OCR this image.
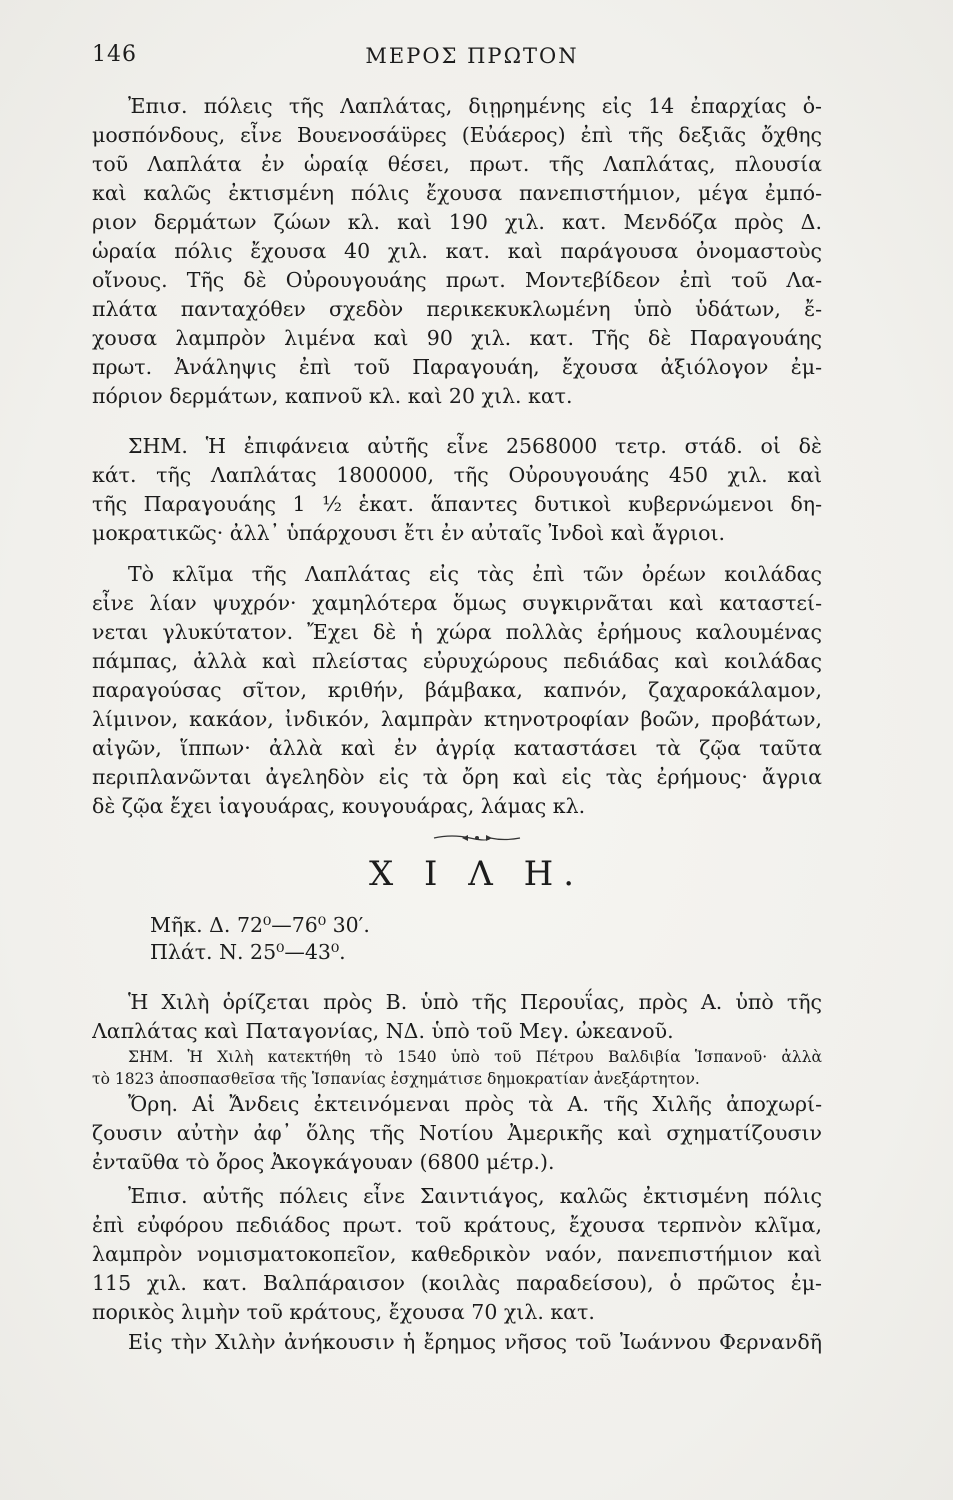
146	ΜΕΡΟΣ ΠΡΩΤΟΝ
Ἐπισ. πόλεις τῆς Λαπλάτας, διῃρημένης εἰς 14 ἐπαρχίας ὁ-
μοσπόνδους, εἶνε Βουενοσάϋρες (Εὐάερος) ἐπὶ τῆς δεξιᾶς ὄχθης
τοῦ Λαπλάτα ἐν ὡραίᾳ θέσει, πρωτ. τῆς Λαπλάτας, πλουσία
καὶ καλῶς ἐκτισμένη πόλις ἔχουσα πανεπιστήμιον, μέγα ἐμπό-
ριον δερμάτων ζώων κλ. καὶ 190 χιλ. κατ. Μενδόζα πρὸς Δ.
ὡραία πόλις ἔχουσα 40 χιλ. κατ. καὶ παράγουσα ὀνομαστοὺς
οἴνους. Τῆς δὲ Οὐρουγουάης πρωτ. Μοντεβίδεον ἐπὶ τοῦ Λα-
πλάτα πανταχόθεν σχεδὸν περικεκυκλωμένη ὑπὸ ὑδάτων, ἔ-
χουσα λαμπρὸν λιμένα καὶ 90 χιλ. κατ. Τῆς δὲ Παραγουάης
πρωτ. Ἀνάληψις ἐπὶ τοῦ Παραγουάη, ἔχουσα ἀξιόλογον ἐμ-
πόριον δερμάτων, καπνοῦ κλ. καὶ 20 χιλ. κατ.
ΣΗΜ. Ἡ ἐπιφάνεια αὐτῆς εἶνε 2568000 τετρ. στάδ. οἱ δὲ
κάτ. τῆς Λαπλάτας 1800000, τῆς Οὐρουγουάης 450 χιλ. καὶ
τῆς Παραγουάης 1 ½ ἑκατ. ἅπαντες δυτικοὶ κυβερνώμενοι δη-
μοκρατικῶς· ἀλλ᾽ ὑπάρχουσι ἔτι ἐν αὐταῖς Ἰνδοὶ καὶ ἄγριοι.
Τὸ κλῖμα τῆς Λαπλάτας εἰς τὰς ἐπὶ τῶν ὀρέων κοιλάδας
εἶνε λίαν ψυχρόν· χαμηλότερα ὅμως συγκιρνᾶται καὶ καταστεί-
νεται γλυκύτατον. Ἔχει δὲ ἡ χώρα πολλὰς ἐρήμους καλουμένας
πάμπας, ἀλλὰ καὶ πλείστας εὐρυχώρους πεδιάδας καὶ κοιλάδας
παραγούσας σῖτον, κριθήν, βάμβακα, καπνόν, ζαχαροκάλαμον,
λίμινον, κακάον, ἰνδικόν, λαμπρὰν κτηνοτροφίαν βοῶν, προβάτων,
αἰγῶν, ἵππων· ἀλλὰ καὶ ἐν ἀγρίᾳ καταστάσει τὰ ζῷα ταῦτα
περιπλανῶνται ἀγεληδὸν εἰς τὰ ὄρη καὶ εἰς τὰς ἐρήμους· ἄγρια
δὲ ζῷα ἔχει ἰαγουάρας, κουγουάρας, λάμας κλ.
Χ Ι Λ Η.
Μῆκ. Δ. 72⁰—76⁰ 30′.
Πλάτ. Ν. 25⁰—43⁰.
Ἡ Χιλὴ ὁρίζεται πρὸς Β. ὑπὸ τῆς Περουΐας, πρὸς Α. ὑπὸ τῆς
Λαπλάτας καὶ Παταγονίας, ΝΔ. ὑπὸ τοῦ Μεγ. ὠκεανοῦ.
ΣΗΜ. Ἡ Χιλὴ κατεκτήθη τὸ 1540 ὑπὸ τοῦ Πέτρου Βαλδιβία Ἱσπανοῦ· ἀλλὰ
τὸ 1823 ἀποσπασθεῖσα τῆς Ἱσπανίας ἐσχημάτισε δημοκρατίαν ἀνεξάρτητον.
Ὄρη. Αἱ Ἄνδεις ἐκτεινόμεναι πρὸς τὰ Α. τῆς Χιλῆς ἀποχωρί-
ζουσιν αὐτὴν ἀφ᾽ ὅλης τῆς Νοτίου Ἀμερικῆς καὶ σχηματίζουσιν
ἐνταῦθα τὸ ὄρος Ἀκογκάγουαν (6800 μέτρ.).
Ἐπισ. αὐτῆς πόλεις εἶνε Σαιντιάγος, καλῶς ἐκτισμένη πόλις
ἐπὶ εὐφόρου πεδιάδος πρωτ. τοῦ κράτους, ἔχουσα τερπνὸν κλῖμα,
λαμπρὸν νομισματοκοπεῖον, καθεδρικὸν ναόν, πανεπιστήμιον καὶ
115 χιλ. κατ. Βαλπάραισον (κοιλὰς παραδείσου), ὁ πρῶτος ἐμ-
πορικὸς λιμὴν τοῦ κράτους, ἔχουσα 70 χιλ. κατ.
Εἰς τὴν Χιλὴν ἀνήκουσιν ἡ ἔρημος νῆσος τοῦ Ἰωάννου Φερνανδῆ
